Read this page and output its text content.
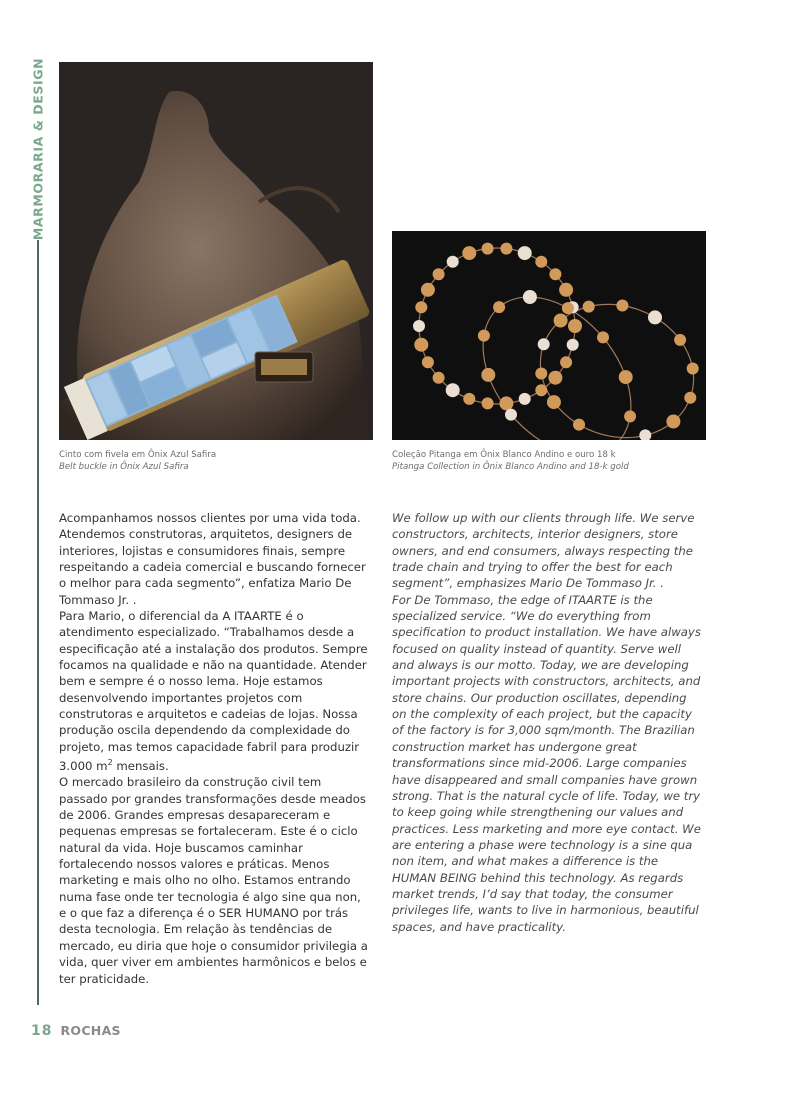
MARMORARIA & DESIGN
Cinto com fivela em Ônix Azul Safira
Belt buckle in Ônix Azul Safira
Coleção Pitanga em Ônix Blanco Andino e ouro 18 k
Pitanga Collection in Ônix Blanco Andino and 18-k gold

Acompanhamos nossos clientes por uma vida toda. Atendemos construtoras, arquitetos, designers de interiores, lojistas e consumidores finais, sempre respeitando a cadeia comercial e buscando fornecer o melhor para cada segmento”, enfatiza Mario De Tommaso Jr. .

Para Mario, o diferencial da A ITAARTE é o atendimento especializado. “Trabalhamos desde a especificação até a instalação dos produtos. Sempre focamos na qualidade e não na quantidade. Atender bem e sempre é o nosso lema. Hoje estamos desenvolvendo importantes projetos com construtoras e arquitetos e cadeias de lojas. Nossa produção oscila dependendo da complexidade do projeto, mas temos capacidade fabril para produzir 3.000 $m^2$ mensais.

O mercado brasileiro da construção civil tem passado por grandes transformações desde meados de 2006. Grandes empresas desapareceram e pequenas empresas se fortaleceram. Este é o ciclo natural da vida. Hoje buscamos caminhar fortalecendo nossos valores e práticas. Menos marketing e mais olho no olho. Estamos entrando numa fase onde ter tecnologia é algo sine qua non, e o que faz a diferença é o SER HUMANO por trás desta tecnologia. Em relação às tendências de mercado, eu diria que hoje o consumidor privilegia a vida, quer viver em ambientes harmônicos e belos e ter praticidade.

We follow up with our clients through life. We serve constructors, architects, interior designers, store owners, and end consumers, always respecting the trade chain and trying to offer the best for each segment”, emphasizes Mario De Tommaso Jr. .

For De Tommaso, the edge of ITAARTE is the specialized service. “We do everything from specification to product installation. We have always focused on quality instead of quantity. Serve well and always is our motto. Today, we are developing important projects with constructors, architects, and store chains. Our production oscillates, depending on the complexity of each project, but the capacity of the factory is for 3,000 sqm/month. The Brazilian construction market has undergone great transformations since mid-2006. Large companies have disappeared and small companies have grown strong. That is the natural cycle of life. Today, we try to keep going while strengthening our values and practices. Less marketing and more eye contact. We are entering a phase were technology is a sine qua non item, and what makes a difference is the HUMAN BEING behind this technology. As regards market trends, I’d say that today, the consumer privileges life, wants to live in harmonious, beautiful spaces, and have practicality.

18 ROCHAS
